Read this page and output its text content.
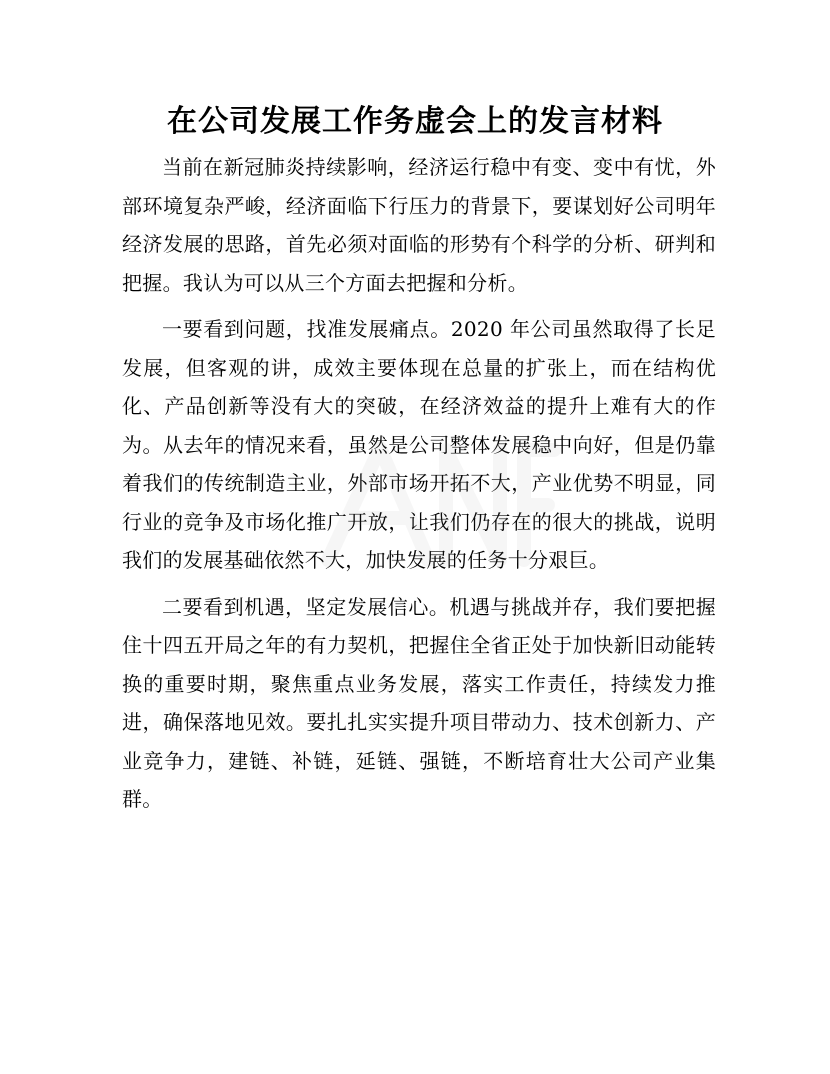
在公司发展工作务虚会上的发言材料

当前在新冠肺炎持续影响，经济运行稳中有变、变中有忧，外部环境复杂严峻，经济面临下行压力的背景下，要谋划好公司明年经济发展的思路，首先必须对面临的形势有个科学的分析、研判和把握。我认为可以从三个方面去把握和分析。

一要看到问题，找准发展痛点。2020 年公司虽然取得了长足发展，但客观的讲，成效主要体现在总量的扩张上，而在结构优化、产品创新等没有大的突破，在经济效益的提升上难有大的作为。从去年的情况来看，虽然是公司整体发展稳中向好，但是仍靠着我们的传统制造主业，外部市场开拓不大，产业优势不明显，同行业的竞争及市场化推广开放，让我们仍存在的很大的挑战，说明我们的发展基础依然不大，加快发展的任务十分艰巨。

二要看到机遇，坚定发展信心。机遇与挑战并存，我们要把握住十四五开局之年的有力契机，把握住全省正处于加快新旧动能转换的重要时期，聚焦重点业务发展，落实工作责任，持续发力推进，确保落地见效。要扎扎实实提升项目带动力、技术创新力、产业竞争力，建链、补链，延链、强链，不断培育壮大公司产业集群。
